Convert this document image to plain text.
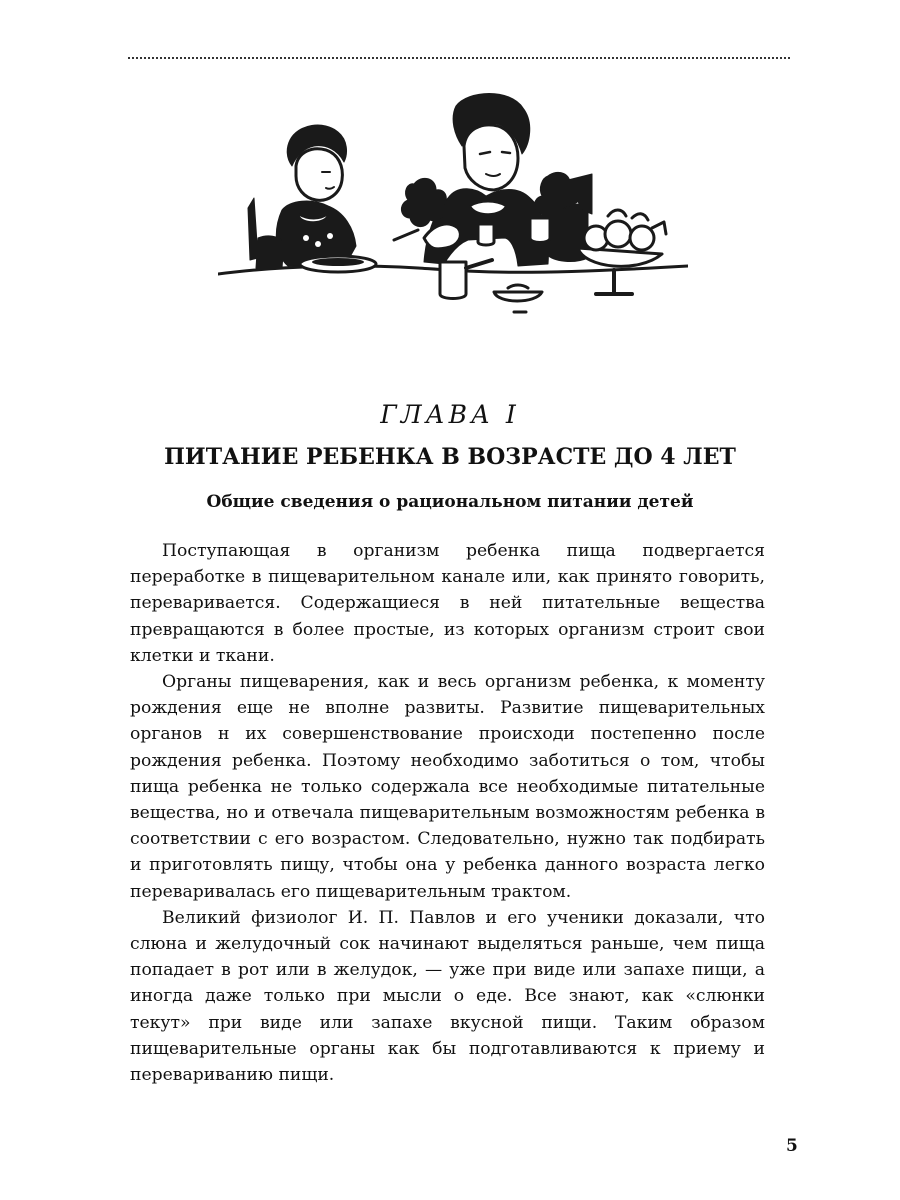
ГЛАВА I
ПИТАНИЕ РЕБЕНКА В ВОЗРАСТЕ ДО 4 ЛЕТ
Общие сведения о рациональном питании детей

Поступающая в организм ребенка пища подвергается переработке в пищеварительном канале или, как принято говорить, переваривается. Содержащиеся в ней питательные вещества превращаются в более простые, из которых организм строит свои клетки и ткани.

Органы пищеварения, как и весь организм ребенка, к моменту рождения еще не вполне развиты. Развитие пищеварительных органов н их совершенствование происходи постепенно после рождения ребенка. Поэтому необходимо заботиться о том, чтобы пища ребенка не только содержала все необходимые питательные вещества, но и отвечала пищеварительным возможностям ребенка в соответствии с его возрастом. Следовательно, нужно так подбирать и приготовлять пищу, чтобы она у ребенка данного возраста легко переваривалась его пищеварительным трактом.

Великий физиолог И. П. Павлов и его ученики доказали, что слюна и желудочный сок начинают выделяться раньше, чем пища попадает в рот или в желудок, — уже при виде или запахе пищи, а иногда даже только при мысли о еде. Все знают, как «слюнки текут» при виде или запахе вкусной пищи. Таким образом пищеварительные органы как бы подготавливаются к приему и перевариванию пищи.

5
